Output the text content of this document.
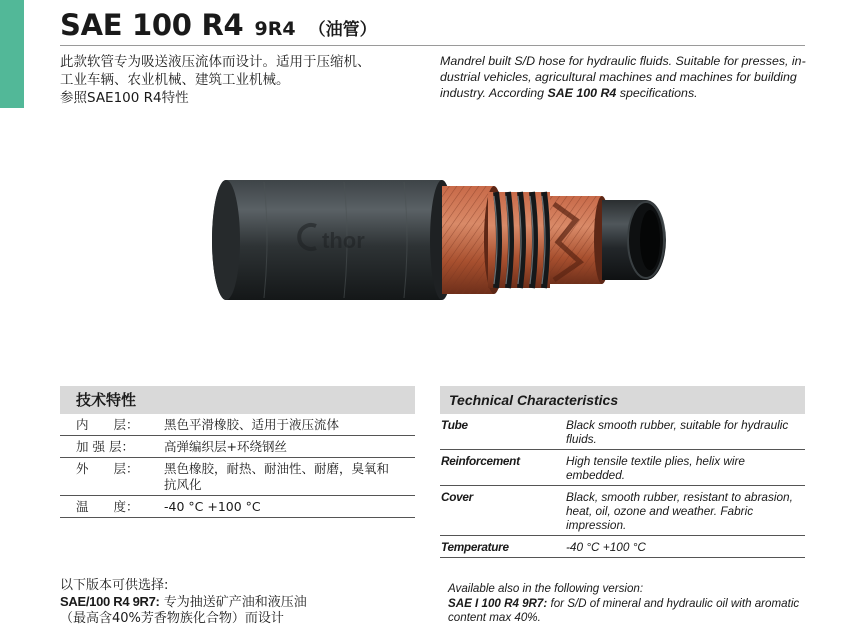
SAE 100 R4 9R4 （油管）
此款软管专为吸送液压流体而设计。适用于压缩机、
工业车辆、农业机械、建筑工业机械。
参照SAE100 R4特性
Mandrel built S/D hose for hydraulic fluids. Suitable for presses, in-
dustrial vehicles, agricultural machines and machines for building
industry. According SAE 100 R4 specifications.
thor
技术特性	Technical Characteristics
内　　层：	黑色平滑橡胶、适用于液压流体
加 强 层：	高弹编织层+环绕钢丝
外　　层：	黑色橡胶，耐热、耐油性、耐磨，臭氧和抗风化
温　　度：	-40 °C +100 °C
Tube	Black smooth rubber, suitable for hydraulic fluids.
Reinforcement	High tensile textile plies, helix wire embedded.
Cover	Black, smooth rubber, resistant to abrasion, heat, oil, ozone and weather. Fabric impression.
Temperature	-40 °C +100 °C
以下版本可供选择:
SAE/100 R4 9R7: 专为抽送矿产油和液压油
（最高含40%芳香物族化合物）而设计
Available also in the following version:
SAE I 100 R4 9R7: for S/D of mineral and hydraulic oil with aromatic
content max 40%.
